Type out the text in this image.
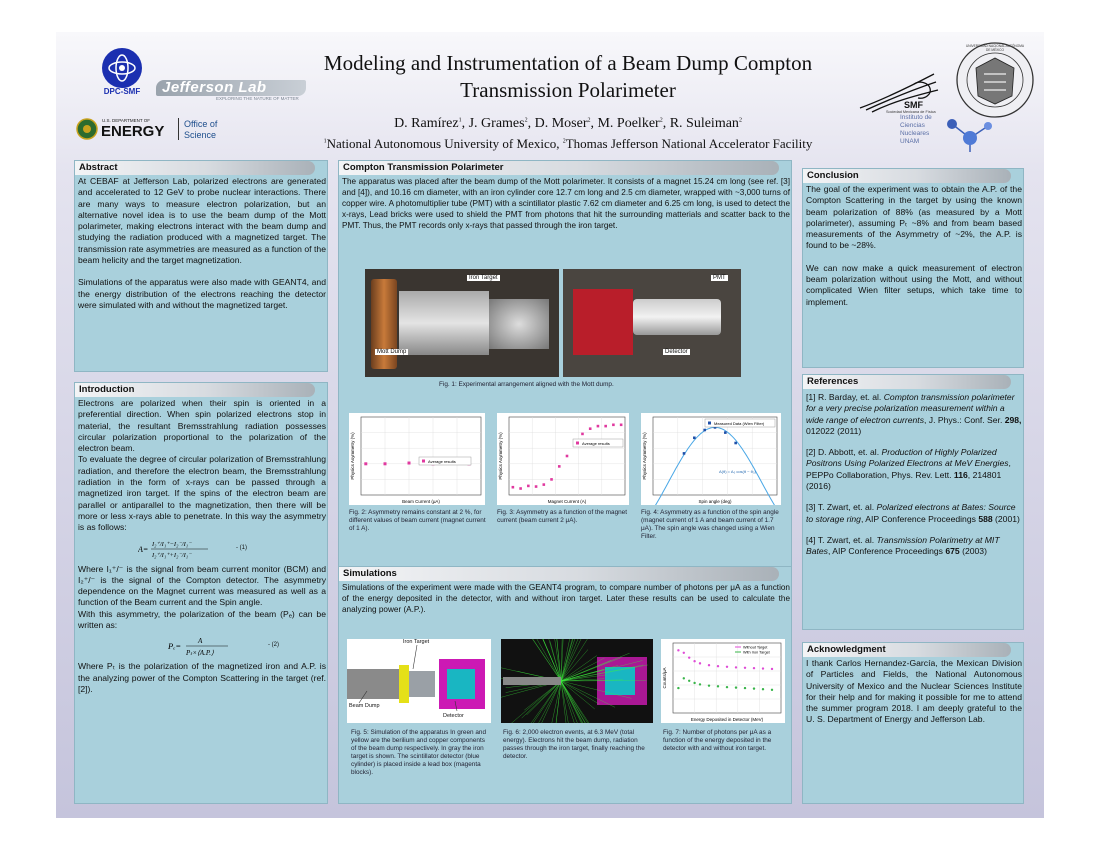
DPC-SMF	Jefferson Lab
EXPLORING THE NATURE OF MATTER
U.S. DEPARTMENT OF
ENERGY Office of
Science
Modeling and Instrumentation of a Beam Dump Compton
Transmission Polarimeter
D. Ramírez$^1$, J. Grames$^2$, D. Moser$^2$, M. Poelker$^2$, R. Suleiman$^2$
$^1$National Autonomous University of Mexico, $^2$Thomas Jefferson National Accelerator Facility
SMF
Sociedad Mexicana de Física
UNIVERSIDAD NACIONAL AUTÓNOMA DE MÉXICO
Instituto de
Ciencias
Nucleares
UNAM
Abstract

At CEBAF at Jefferson Lab, polarized electrons are generated and accelerated to 12 GeV to probe nuclear interactions. There are many ways to measure electron polarization, but an alternative novel idea is to use the beam dump of the Mott polarimeter, making electrons interact with the beam dump and studying the radiation produced with a magnetized target. The transmission rate asymmetries are measured as a function of the beam helicity and the target magnetization.

Simulations of the apparatus were also made with GEANT4, and the energy distribution of the electrons reaching the detector were simulated with and without the magnetized target.

Introduction
Electrons are polarized when their spin is oriented in a preferential direction. When spin polarized electrons stop in material, the resultant Bremsstrahlung radiation possesses circular polarization proportional to the polarization of the electron beam.
To evaluate the degree of circular polarization of Bremsstrahlung radiation, and therefore the electron beam, the Bremsstrahlung radiation in the form of x-rays can be passed through a magnetized iron target. If the spins of the electron beam are parallel or antiparallel to the magnetization, then there will be more or less x-rays able to penetrate. In this way the asymmetry is as follows:
A=
I₂⁺/I₁⁺−I₂⁻/I₁⁻
I₂⁺/I₁⁺+I₂⁻/I₁⁻
- (1)
Where I₁⁺/⁻ is the signal from beam current monitor (BCM) and I₂⁺/⁻ is the signal of the Compton detector. The asymmetry dependence on the Magnet current was measured as well as a function of the Beam current and the Spin angle.
With this asymmetry, the polarization of the beam (Pₑ) can be written as:
Pₑ= A
Pₜ×⟨A.P.⟩
- (2)
Where Pₜ is the polarization of the magnetized iron and A.P. is the analyzing power of the Compton Scattering in the target (ref. [2]).
Compton Transmission Polarimeter
The apparatus was placed after the beam dump of the Mott polarimeter. It consists of a magnet 15.24 cm long (see ref. [3] and [4]), and 10.16 cm diameter, with an iron cylinder core 12.7 cm long and 2.5 cm diameter, wrapped with ~3,000 turns of copper wire. A photomultiplier tube (PMT) with a scintillator plastic 7.62 cm diameter and 6.25 cm long, is used to detect the x-rays, Lead bricks were used to shield the PMT from photons that hit the surrounding matterials and scatter back to the PMT. Thus, the PMT records only x-rays that passed through the iron target.
Iron Target
Mott Dump
PMT
Detector
Fig. 1: Experimental arrangement aligned with the Mott dump.
Beam Current (μA)
Physics Asymmetry (%)	Average results
Fig. 2: Asymmetry remains constant at 2 %, for different values of beam current (magnet current of 1 A).
Magnet Current (A)
Physics Asymmetry (%)	Average results
Fig. 3: Asymmetry as a function of the magnet current (beam current 2 μA).
Spin angle (deg)
Physics Asymmetry (%)
Measured Data (Wien Filter)
A(θ) = A₀ cos(θ − θ₀)
Fig. 4: Asymmetry as a function of the spin angle (magnet current of 1 A and beam current of 1.7 μA). The spin angle was changed using a Wien Filter.
Simulations
Simulations of the experiment were made with the GEANT4 program, to compare number of photons per μA as a function of the energy deposited in the detector, with and without iron target. Later these results can be used to calculate the analyzing power (A.P.).
Iron Target
Beam Dump
Detector
Fig. 5: Simulation of the apparatus In green and yellow are the berilium and copper components of the beam dump respectively. In gray the iron target is shown. The scintillator detector (blue cylinder) is placed inside a lead box (magenta blocks).
Fig. 6: 2,000 electron events, at 6.3 MeV (total energy). Electrons hit the beam dump, radiation passes through the iron target, finally reaching the detector.
Energy Deposited in Detector (MeV)
Counts/μA
Without Target
With Iron Target
Fig. 7: Number of photons per μA as a function of the energy deposited in the detector with and without iron target.
Conclusion

The goal of the experiment was to obtain the A.P. of the Compton Scattering in the target by using the known beam polarization of 88% (as measured by a Mott polarimeter), assuming Pₜ ~8% and from beam based measurements of the Asymmetry of ~2%, the A.P. is found to be ~28%.

We can now make a quick measurement of electron beam polarization without using the Mott, and without complicated Wien filter setups, which take time to implement.

References
[1] R. Barday, et. al. Compton transmission polarimeter for a very precise polarization measurement within a wide range of electron currents, J. Phys.: Conf. Ser. 298, 012022 (2011)
[2] D. Abbott, et. al. Production of Highly Polarized Positrons Using Polarized Electrons at MeV Energies, PEPPo Collaboration, Phys. Rev. Lett. 116, 214801 (2016)
[3] T. Zwart, et. al. Polarized electrons at Bates: Source to storage ring, AIP Conference Proceedings 588 (2001)
[4] T. Zwart, et. al. Transmission Polarimetry at MIT Bates, AIP Conference Proceedings 675 (2003)
Acknowledgment
I thank Carlos Hernandez-García, the Mexican Division of Particles and Fields, the National Autonomous University of Mexico and the Nuclear Sciences Institute for their help and for making it possible for me to attend the summer program 2018. I am deeply grateful to the U. S. Department of Energy and Jefferson Lab.
